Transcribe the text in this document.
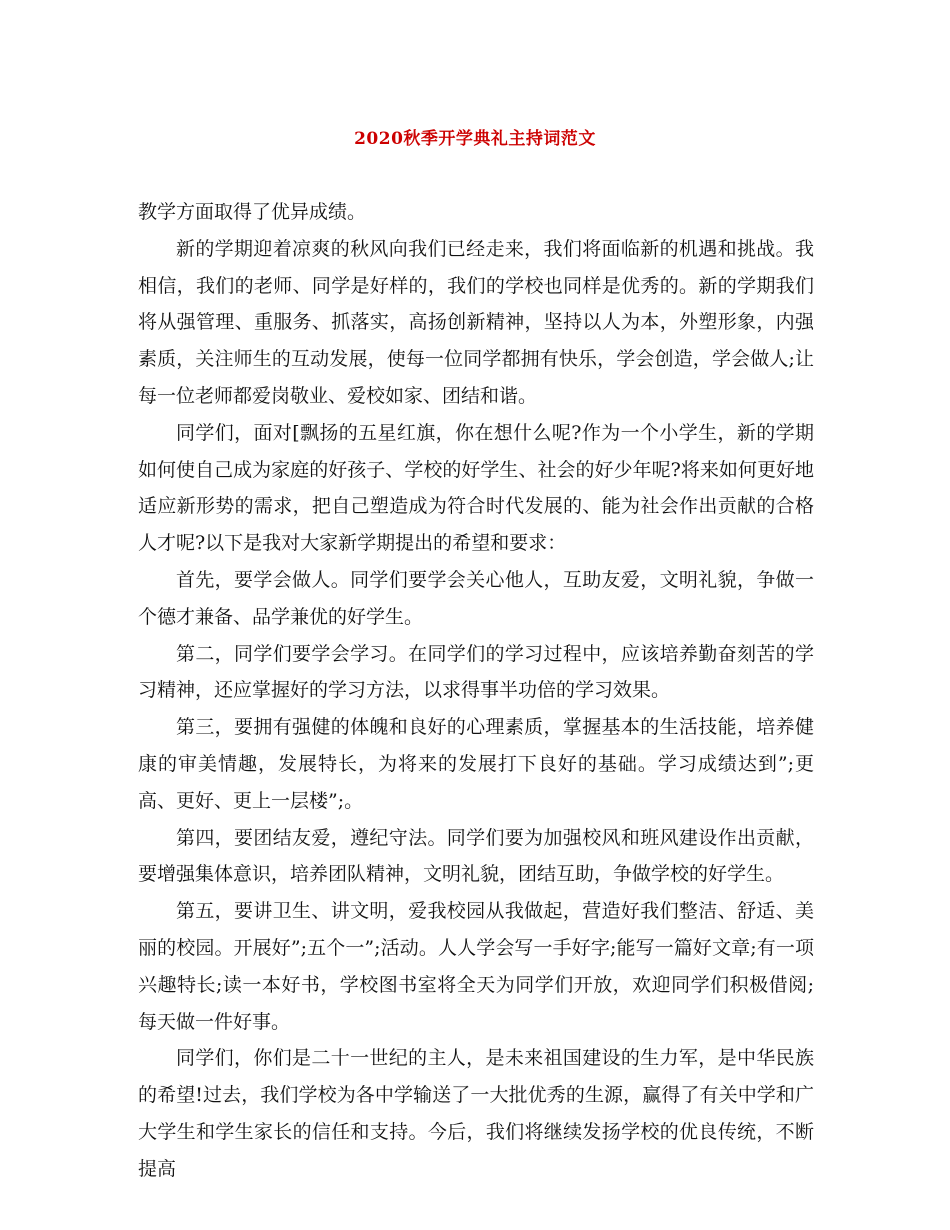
2020秋季开学典礼主持词范文

教学方面取得了优异成绩。

新的学期迎着凉爽的秋风向我们已经走来，我们将面临新的机遇和挑战。我相信，我们的老师、同学是好样的，我们的学校也同样是优秀的。新的学期我们将从强管理、重服务、抓落实，高扬创新精神，坚持以人为本，外塑形象，内强素质，关注师生的互动发展，使每一位同学都拥有快乐，学会创造，学会做人;让每一位老师都爱岗敬业、爱校如家、团结和谐。

同学们，面对[飘扬的五星红旗，你在想什么呢?作为一个小学生，新的学期如何使自己成为家庭的好孩子、学校的好学生、社会的好少年呢?将来如何更好地适应新形势的需求，把自己塑造成为符合时代发展的、能为社会作出贡献的合格人才呢?以下是我对大家新学期提出的希望和要求：

首先，要学会做人。同学们要学会关心他人，互助友爱，文明礼貌，争做一个德才兼备、品学兼优的好学生。

第二，同学们要学会学习。在同学们的学习过程中，应该培养勤奋刻苦的学习精神，还应掌握好的学习方法，以求得事半功倍的学习效果。

第三，要拥有强健的体魄和良好的心理素质，掌握基本的生活技能，培养健康的审美情趣，发展特长，为将来的发展打下良好的基础。学习成绩达到”;更高、更好、更上一层楼”;。

第四，要团结友爱，遵纪守法。同学们要为加强校风和班风建设作出贡献，要增强集体意识，培养团队精神，文明礼貌，团结互助，争做学校的好学生。

第五，要讲卫生、讲文明，爱我校园从我做起，营造好我们整洁、舒适、美丽的校园。开展好”;五个一”;活动。人人学会写一手好字;能写一篇好文章;有一项兴趣特长;读一本好书，学校图书室将全天为同学们开放，欢迎同学们积极借阅;每天做一件好事。

同学们，你们是二十一世纪的主人，是未来祖国建设的生力军，是中华民族的希望!过去，我们学校为各中学输送了一大批优秀的生源，赢得了有关中学和广大学生和学生家长的信任和支持。今后，我们将继续发扬学校的优良传统，不断提高
